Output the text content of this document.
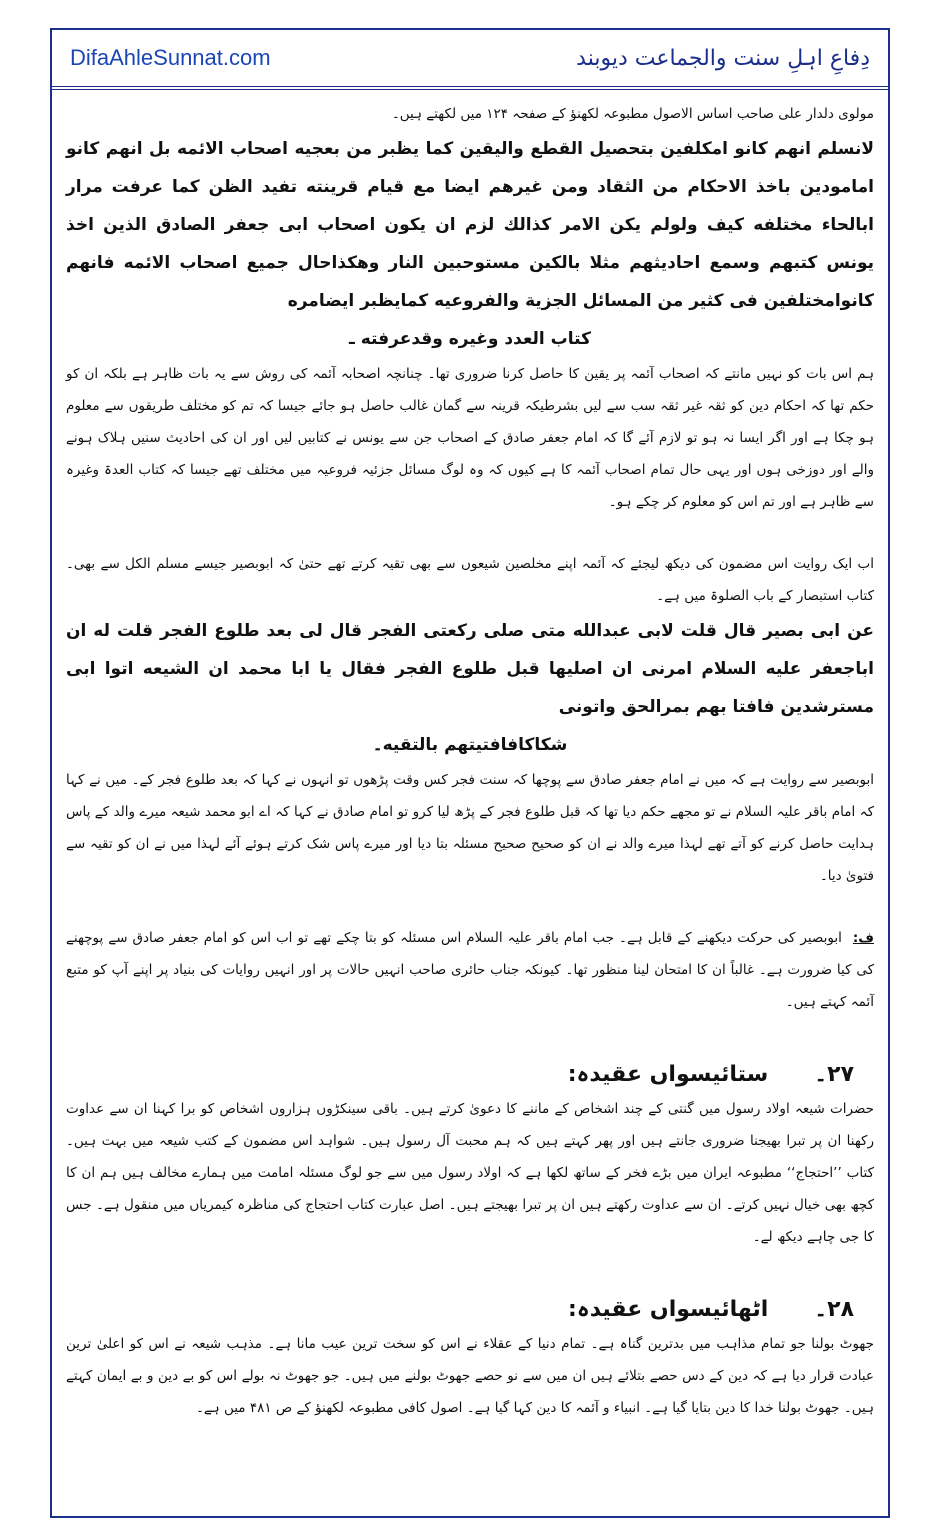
DifaAhleSunnat.com	دِفاعِ اہلِ سنت والجماعت دیوبند

مولوی دلدار علی صاحب اساس الاصول مطبوعہ لکھنؤ کے صفحہ ۱۲۴ میں لکھتے ہیں۔

لانسلم انهم كانو امكلفين بتحصيل القطع واليقين كما يظبر من بعجيه اصحاب الائمه بل انهم كانو امامودين باخذ الاحكام من الثقاد ومن غيرهم ايضا مع قيام قرينته تفيد الظن كما عرفت مرار ابالحاء مختلفه كيف ولولم يكن الامر كذالك لزم ان يكون اصحاب ابى جعفر الصادق الذين اخذ يونس كتبهم وسمع احاديثهم مثلا بالكين مستوحبين النار وهكذاحال جميع اصحاب الائمه فانهم كانوامختلفين فى كثير من المسائل الجزية والفروعيه كمايظبر ايضامره
كتاب العدد وغيره وقدعرفته ـ

ہم اس بات کو نہیں مانتے کہ اصحاب آئمہ پر یقین کا حاصل کرنا ضروری تھا۔ چنانچہ اصحابہ آئمہ کی روش سے یہ بات ظاہر ہے بلکہ ان کو حکم تھا کہ احکام دین کو ثقہ غیر ثقہ سب سے لیں بشرطیکہ قرینہ سے گمان غالب حاصل ہو جائے جیسا کہ تم کو مختلف طریقوں سے معلوم ہو چکا ہے اور اگر ایسا نہ ہو تو لازم آئے گا کہ امام جعفر صادق کے اصحاب جن سے یونس نے کتابیں لیں اور ان کی احادیث سنیں ہلاک ہونے والے اور دوزخی ہوں اور یہی حال تمام اصحاب آئمہ کا ہے کیوں کہ وہ لوگ مسائل جزئیہ فروعیہ میں مختلف تھے جیسا کہ کتاب العدۃ وغیرہ سے ظاہر ہے اور تم اس کو معلوم کر چکے ہو۔

اب ایک روایت اس مضمون کی دیکھ لیجئے کہ آئمہ اپنے مخلصین شیعوں سے بھی تقیہ کرتے تھے حتیٰ کہ ابوبصیر جیسے مسلم الکل سے بھی۔ کتاب استبصار کے باب الصلوۃ میں ہے۔

عن ابى بصير قال قلت لابى عبدالله متى صلى ركعتى الفجر قال لى بعد طلوع الفجر قلت له ان اباجعفر عليه السلام امرنى ان اصليها قبل طلوع الفجر فقال يا ابا محمد ان الشيعه اتوا ابى مسترشدين فافتا بهم بمرالحق واتونى
شكاكافافتيتهم بالتقيه۔

ابوبصیر سے روایت ہے کہ میں نے امام جعفر صادق سے پوچھا کہ سنت فجر کس وقت پڑھوں تو انہوں نے کہا کہ بعد طلوع فجر کے۔ میں نے کہا کہ امام باقر علیہ السلام نے تو مجھے حکم دیا تھا کہ قبل طلوع فجر کے پڑھ لیا کرو تو امام صادق نے کہا کہ اے ابو محمد شیعہ میرے والد کے پاس ہدایت حاصل کرنے کو آتے تھے لہذا میرے والد نے ان کو صحیح صحیح مسئلہ بتا دیا اور میرے پاس شک کرتے ہوئے آئے لہذا میں نے ان کو تقیہ سے فتویٰ دیا۔

ف: ابوبصیر کی حرکت دیکھنے کے قابل ہے۔ جب امام باقر علیہ السلام اس مسئلہ کو بتا چکے تھے تو اب اس کو امام جعفر صادق سے پوچھنے کی کیا ضرورت ہے۔ غالباً ان کا امتحان لینا منظور تھا۔ کیونکہ جناب حائری صاحب انہیں حالات پر اور انہیں روایات کی بنیاد پر اپنے آپ کو متبع آئمہ کہتے ہیں۔

۲۷۔
ستائیسواں عقیدہ:

حضرات شیعہ اولاد رسول میں گنتی کے چند اشخاص کے ماننے کا دعویٰ کرتے ہیں۔ باقی سینکڑوں ہزاروں اشخاص کو برا کہنا ان سے عداوت رکھنا ان پر تبرا بھیجنا ضروری جانتے ہیں اور پھر کہتے ہیں کہ ہم محبت آل رسول ہیں۔ شواہد اس مضمون کے کتب شیعہ میں بہت ہیں۔ کتاب ’’احتجاج‘‘ مطبوعہ ایران میں بڑے فخر کے ساتھ لکھا ہے کہ اولاد رسول میں سے جو لوگ مسئلہ امامت میں ہمارے مخالف ہیں ہم ان کا کچھ بھی خیال نہیں کرتے۔ ان سے عداوت رکھتے ہیں ان پر تبرا بھیجتے ہیں۔ اصل عبارت کتاب احتجاج کی مناظرہ کیمریاں میں منقول ہے۔ جس کا جی چاہے دیکھ لے۔

۲۸۔
اٹھائیسواں عقیدہ:

جھوٹ بولنا جو تمام مذاہب میں بدترین گناہ ہے۔ تمام دنیا کے عقلاء نے اس کو سخت ترین عیب مانا ہے۔ مذہب شیعہ نے اس کو اعلیٰ ترین عبادت قرار دیا ہے کہ دین کے دس حصے بتلائے ہیں ان میں سے نو حصے جھوٹ بولنے میں ہیں۔ جو جھوٹ نہ بولے اس کو بے دین و بے ایمان کہتے ہیں۔ جھوٹ بولنا خدا کا دین بتایا گیا ہے۔ انبیاء و آئمہ کا دین کہا گیا ہے۔ اصول کافی مطبوعہ لکھنؤ کے ص ۴۸۱ میں ہے۔
